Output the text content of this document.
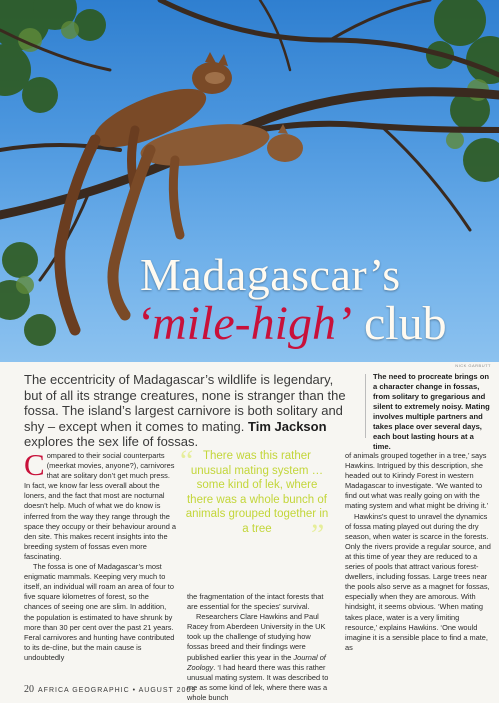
Madagascar’s
‘mile-high’ club
NICK GARBUTT
The eccentricity of Madagascar’s wildlife is legendary, but of all its strange creatures, none is stranger than the fossa. The island’s largest carnivore is both solitary and shy – except when it comes to mating. Tim Jackson explores the sex life of fossas.
The need to procreate brings on a character change in fossas, from solitary to gregarious and silent to extremely noisy. Mating involves multiple partners and takes place over several days, each bout lasting hours at a time.

Compared to their social counterparts (meerkat movies, anyone?), carnivores that are solitary don’t get much press. In fact, we know far less overall about the loners, and the fact that most are nocturnal doesn’t help. Much of what we do know is inferred from the way they range through the space they occupy or their behaviour around a den site. This makes recent insights into the breeding system of fossas even more fascinating.

The fossa is one of Madagascar’s most enigmatic mammals. Keeping very much to itself, an individual will roam an area of four to five square kilometres of forest, so the chances of seeing one are slim. In addition, the population is estimated to have shrunk by more than 30 per cent over the past 21 years. Feral carnivores and hunting have contributed to its de-cline, but the main cause is undoubtedly

“ There was this rather unusual mating system … some kind of lek, where there was a whole bunch of animals grouped together in a tree	”

the fragmentation of the intact forests that are essential for the species’ survival.

Researchers Clare Hawkins and Paul Racey from Aberdeen University in the UK took up the challenge of studying how fossas breed and their findings were published earlier this year in the Journal of Zoology. ‘I had heard there was this rather unusual mating system. It was described to me as some kind of lek, where there was a whole bunch

of animals grouped together in a tree,’ says Hawkins. Intrigued by this description, she headed out to Kirindy Forest in western Madagascar to investigate. ‘We wanted to find out what was really going on with the mating system and what might be driving it.’

Hawkins’s quest to unravel the dynamics of fossa mating played out during the dry season, when water is scarce in the forests. Only the rivers provide a regular source, and at this time of year they are reduced to a series of pools that attract various forest-dwellers, including fossas. Large trees near the pools also serve as a magnet for fossas, especially when they are amorous. With hindsight, it seems obvious. ‘When mating takes place, water is a very limiting resource,’ explains Hawkins. ‘One would imagine it is a sensible place to find a mate, as

20 AFRICA GEOGRAPHIC • AUGUST 2009
